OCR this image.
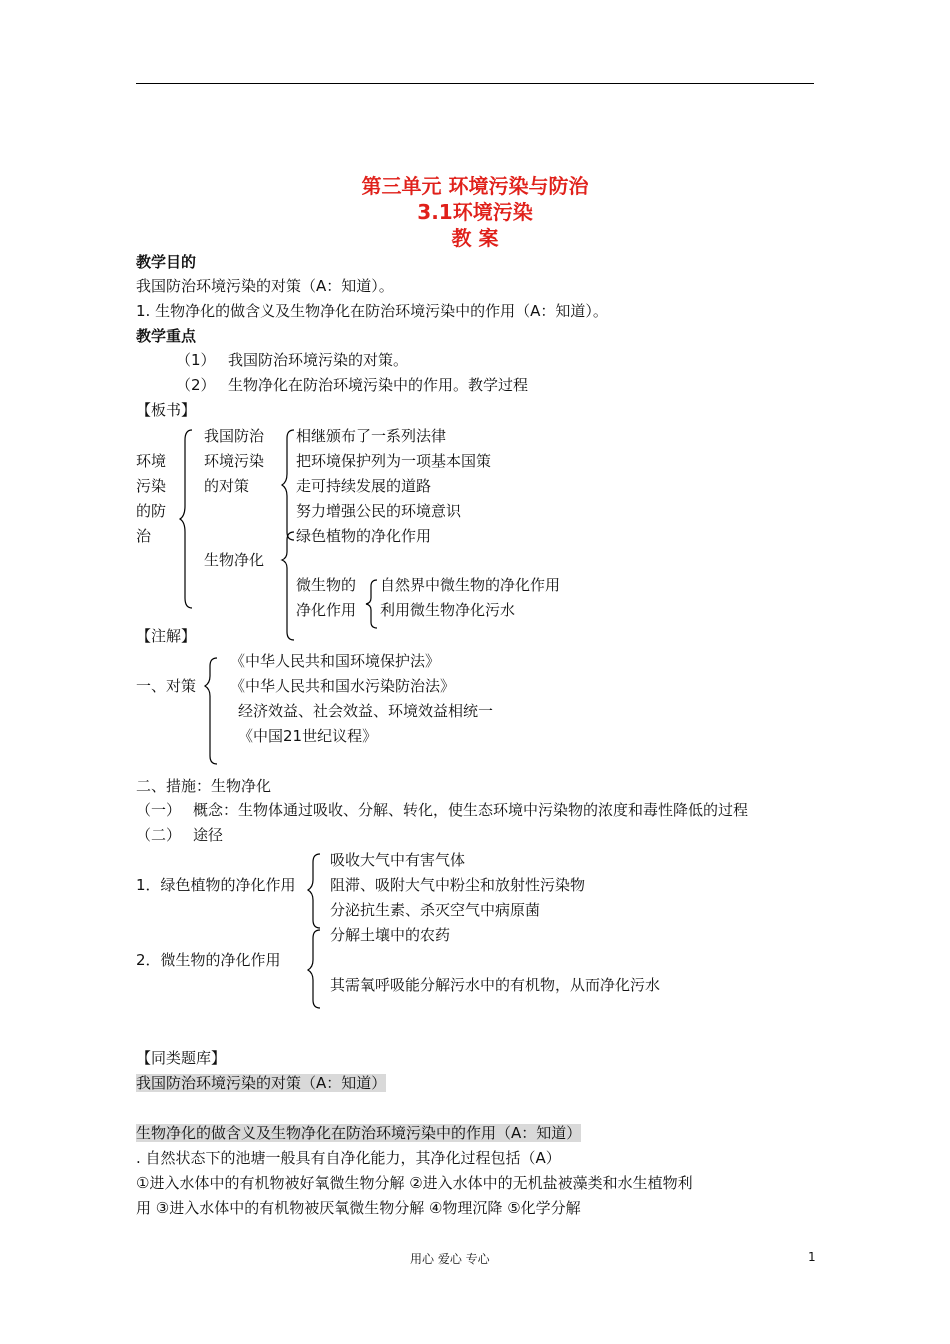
第三单元 环境污染与防治
3.1环境污染
教 案
教学目的
我国防治环境污染的对策（A：知道）。
1. 生物净化的做含义及生物净化在防治环境污染中的作用（A：知道）。
教学重点
（1） 我国防治环境污染的对策。
（2） 生物净化在防治环境污染中的作用。教学过程
【板书】
环境
污染
的防
治
我国防治
环境污染
的对策
生物净化
相继颁布了一系列法律
把环境保护列为一项基本国策
走可持续发展的道路
努力增强公民的环境意识
绿色植物的净化作用
微生物的
净化作用
自然界中微生物的净化作用
利用微生物净化污水
【注解】
一、对策
《中华人民共和国环境保护法》
《中华人民共和国水污染防治法》
经济效益、社会效益、环境效益相统一
《中国21世纪议程》
二、措施：生物净化
（一） 概念：生物体通过吸收、分解、转化，使生态环境中污染物的浓度和毒性降低的过程
（二） 途径
1．绿色植物的净化作用
吸收大气中有害气体
阻滞、吸附大气中粉尘和放射性污染物
分泌抗生素、杀灭空气中病原菌
2．微生物的净化作用
分解土壤中的农药
其需氧呼吸能分解污水中的有机物，从而净化污水
【同类题库】
我国防治环境污染的对策（A：知道）
生物净化的做含义及生物净化在防治环境污染中的作用（A：知道）
. 自然状态下的池塘一般具有自净化能力，其净化过程包括（A）
①进入水体中的有机物被好氧微生物分解 ②进入水体中的无机盐被藻类和水生植物利
用 ③进入水体中的有机物被厌氧微生物分解 ④物理沉降 ⑤化学分解
用心 爱心 专心	1
